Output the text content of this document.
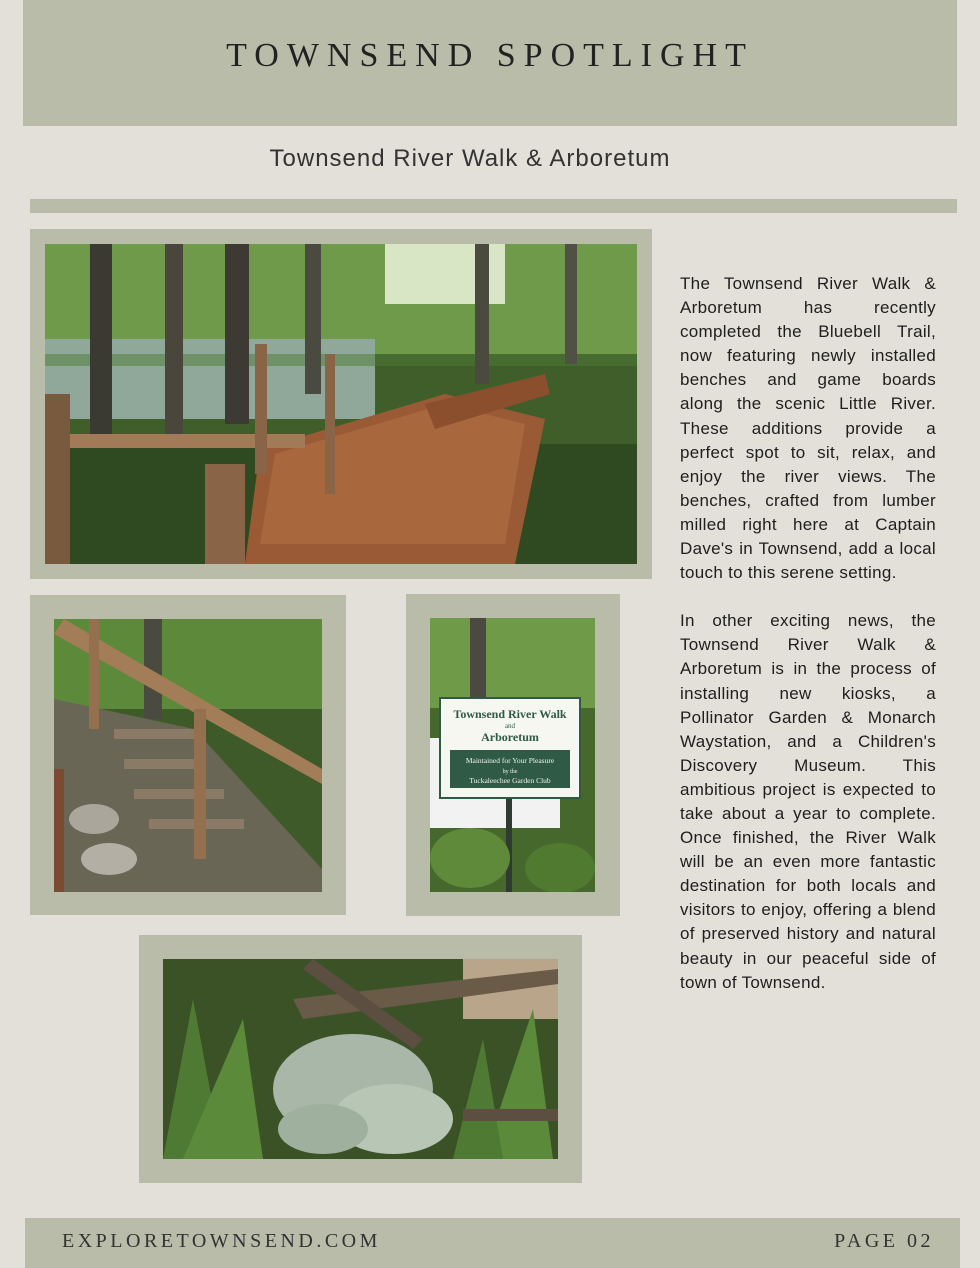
TOWNSEND SPOTLIGHT
Townsend River Walk & Arboretum
Townsend River Walk
and
Arboretum
Maintained for Your Pleasure
by the
Tuckaleechee Garden Club

The Townsend River Walk & Arboretum has recently completed the Bluebell Trail, now featuring newly installed benches and game boards along the scenic Little River. These additions provide a perfect spot to sit, relax, and enjoy the river views. The benches, crafted from lumber milled right here at Captain Dave's in Townsend, add a local touch to this serene setting.

In other exciting news, the Townsend River Walk & Arboretum is in the process of installing new kiosks, a Pollinator Garden & Monarch Waystation, and a Children's Discovery Museum. This ambitious project is expected to take about a year to complete. Once finished, the River Walk will be an even more fantastic destination for both locals and visitors to enjoy, offering a blend of preserved history and natural beauty in our peaceful side of town of Townsend.

EXPLORETOWNSEND.COM	PAGE 02
